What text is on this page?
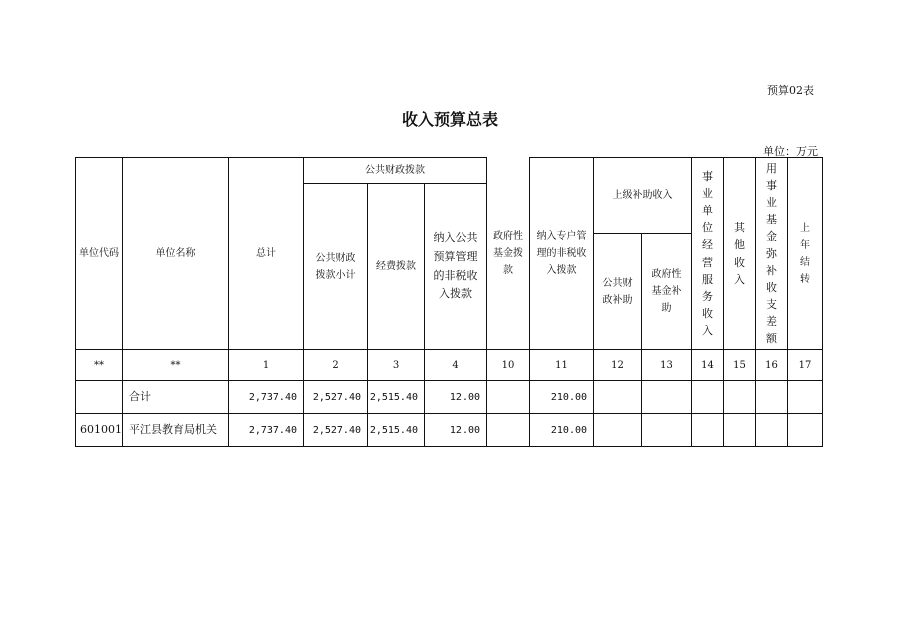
预算02表
收入预算总表
单位：万元
单位代码	单位名称	总计	公共财政拨款			政府性基金拨款	纳入专户管理的非税收入拨款	上级补助收入		事业单位经营服务收入	其他收入	用事业基金弥补收支差额	上年结转
			公共财政拨款小计	经费拨款	纳入公共预算管理的非税收入拨款								
								公共财政补助	政府性基金补助				
**	**	1	2	3	4	10	11	12	13	14	15	16	17
	合计	2,737.40	2,527.40	2,515.40	12.00		210.00						
601001	平江县教育局机关	2,737.40	2,527.40	2,515.40	12.00		210.00						
